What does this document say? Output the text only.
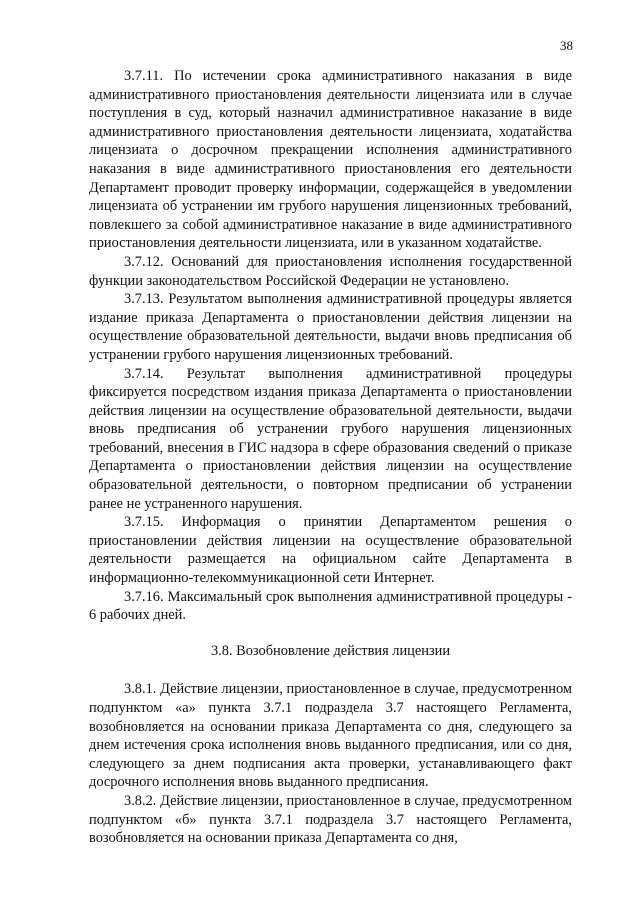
38

3.7.11. По истечении срока административного наказания в виде административного приостановления деятельности лицензиата или в случае поступления в суд, который назначил административное наказание в виде административного приостановления деятельности лицензиата, ходатайства лицензиата о досрочном прекращении исполнения административного наказания в виде административного приостановления его деятельности Департамент проводит проверку информации, содержащейся в уведомлении лицензиата об устранении им грубого нарушения лицензионных требований, повлекшего за собой административное наказание в виде административного приостановления деятельности лицензиата, или в указанном ходатайстве.

3.7.12. Оснований для приостановления исполнения государственной функции законодательством Российской Федерации не установлено.

3.7.13. Результатом выполнения административной процедуры является издание приказа Департамента о приостановлении действия лицензии на осуществление образовательной деятельности, выдачи вновь предписания об устранении грубого нарушения лицензионных требований.

3.7.14. Результат выполнения административной процедуры фиксируется посредством издания приказа Департамента о приостановлении действия лицензии на осуществление образовательной деятельности, выдачи вновь предписания об устранении грубого нарушения лицензионных требований, внесения в ГИС надзора в сфере образования сведений о приказе Департамента о приостановлении действия лицензии на осуществление образовательной деятельности, о повторном предписании об устранении ранее не устраненного нарушения.

3.7.15. Информация о принятии Департаментом решения о приостановлении действия лицензии на осуществление образовательной деятельности размещается на официальном сайте Департамента в информационно-телекоммуникационной сети Интернет.

3.7.16. Максимальный срок выполнения административной процедуры - 6 рабочих дней.

3.8. Возобновление действия лицензии

3.8.1. Действие лицензии, приостановленное в случае, предусмотренном подпунктом «а» пункта 3.7.1 подраздела 3.7 настоящего Регламента, возобновляется на основании приказа Департамента со дня, следующего за днем истечения срока исполнения вновь выданного предписания, или со дня, следующего за днем подписания акта проверки, устанавливающего факт досрочного исполнения вновь выданного предписания.

3.8.2. Действие лицензии, приостановленное в случае, предусмотренном подпунктом «б» пункта 3.7.1 подраздела 3.7 настоящего Регламента, возобновляется на основании приказа Департамента со дня,
